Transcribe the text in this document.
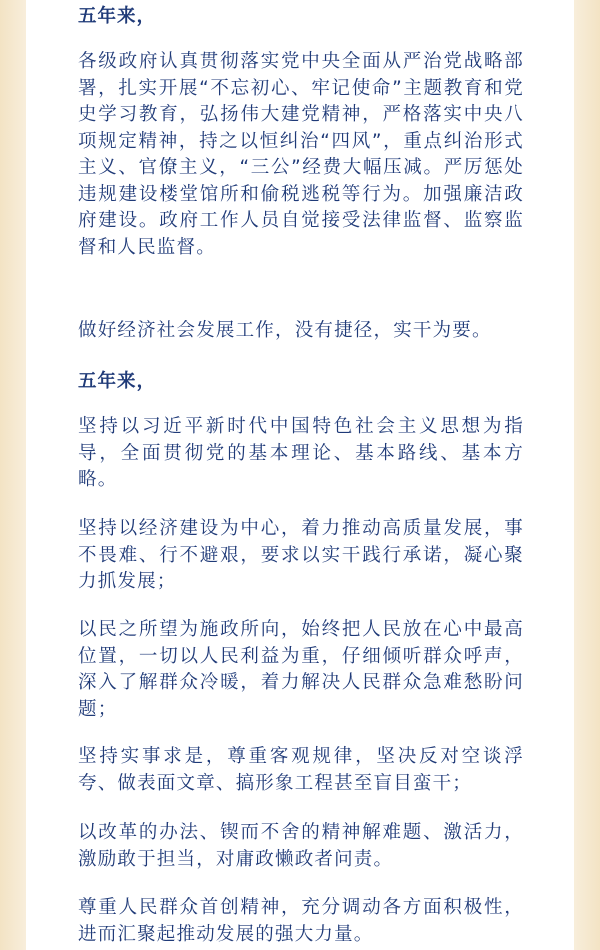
五年来，

各级政府认真贯彻落实党中央全面从严治党战略部署，扎实开展“不忘初心、牢记使命”主题教育和党史学习教育，弘扬伟大建党精神，严格落实中央八项规定精神，持之以恒纠治“四风”，重点纠治形式主义、官僚主义，“三公”经费大幅压减。严厉惩处违规建设楼堂馆所和偷税逃税等行为。加强廉洁政府建设。政府工作人员自觉接受法律监督、监察监督和人民监督。

做好经济社会发展工作，没有捷径，实干为要。

五年来，

坚持以习近平新时代中国特色社会主义思想为指导，全面贯彻党的基本理论、基本路线、基本方略。

坚持以经济建设为中心，着力推动高质量发展，事不畏难、行不避艰，要求以实干践行承诺，凝心聚力抓发展；

以民之所望为施政所向，始终把人民放在心中最高位置，一切以人民利益为重，仔细倾听群众呼声，深入了解群众冷暖，着力解决人民群众急难愁盼问题；

坚持实事求是，尊重客观规律，坚决反对空谈浮夸、做表面文章、搞形象工程甚至盲目蛮干；

以改革的办法、锲而不舍的精神解难题、激活力，激励敢于担当，对庸政懒政者问责。

尊重人民群众首创精神，充分调动各方面积极性，进而汇聚起推动发展的强大力量。
